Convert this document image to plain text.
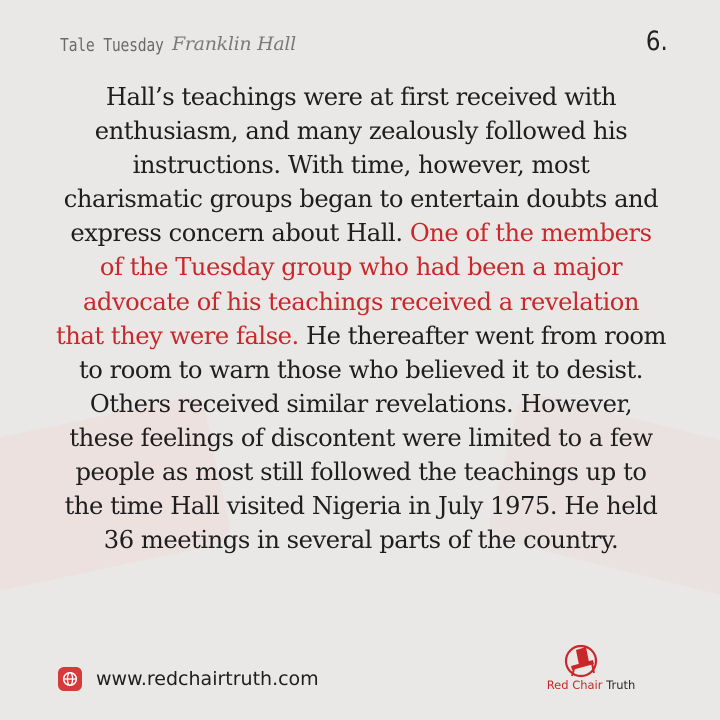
Tale Tuesday Franklin Hall	6.
Hall’s teachings were at first received with
enthusiasm, and many zealously followed his
instructions. With time, however, most
charismatic groups began to entertain doubts and
express concern about Hall. One of the members
of the Tuesday group who had been a major
advocate of his teachings received a revelation
that they were false. He thereafter went from room
to room to warn those who believed it to desist.
Others received similar revelations. However,
these feelings of discontent were limited to a few
people as most still followed the teachings up to
the time Hall visited Nigeria in July 1975. He held
36 meetings in several parts of the country.
www.redchairtruth.com	Red Chair Truth
